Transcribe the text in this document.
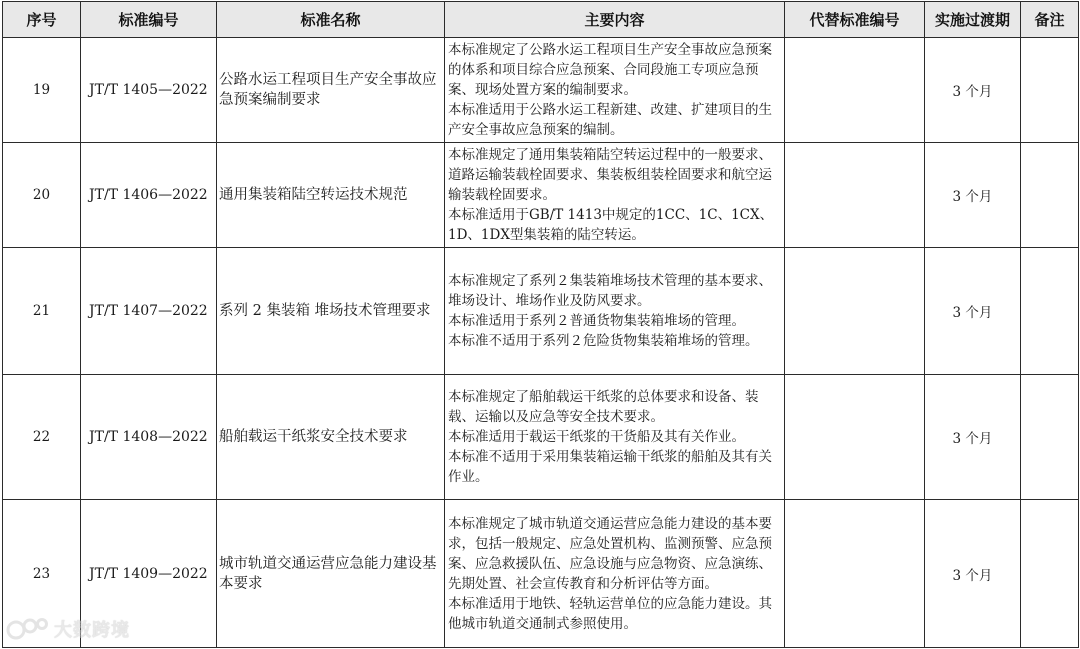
序号	标准编号	标准名称	主要内容	代替标准编号	实施过渡期	备注
19	JT/T 1405—2022	公路水运工程项目生产安全事故应急预案编制要求	本标准规定了公路水运工程项目生产安全事故应急预案的体系和项目综合应急预案、合同段施工专项应急预案、现场处置方案的编制要求。

本标准适用于公路水运工程新建、改建、扩建项目的生产安全事故应急预案的编制。		3 个月	
20	JT/T 1406—2022	通用集装箱陆空转运技术规范	本标准规定了通用集装箱陆空转运过程中的一般要求、道路运输装载栓固要求、集装板组装栓固要求和航空运输装载栓固要求。

本标准适用于GB/T 1413中规定的1CC、1C、1CX、1D、1DX型集装箱的陆空转运。		3 个月	
21	JT/T 1407—2022	系列 2 集装箱 堆场技术管理要求	本标准规定了系列２集装箱堆场技术管理的基本要求、堆场设计、堆场作业及防风要求。

本标准适用于系列２普通货物集装箱堆场的管理。

本标准不适用于系列２危险货物集装箱堆场的管理。		3 个月	
22	JT/T 1408—2022	船舶载运干纸浆安全技术要求	本标准规定了船舶载运干纸浆的总体要求和设备、装载、运输以及应急等安全技术要求。

本标准适用于载运干纸浆的干货船及其有关作业。

本标准不适用于采用集装箱运输干纸浆的船舶及其有关作业。		3 个月	
23	JT/T 1409—2022	城市轨道交通运营应急能力建设基本要求	本标准规定了城市轨道交通运营应急能力建设的基本要求，包括一般规定、应急处置机构、监测预警、应急预案、应急救援队伍、应急设施与应急物资、应急演练、先期处置、社会宣传教育和分析评估等方面。

本标准适用于地铁、轻轨运营单位的应急能力建设。其他城市轨道交通制式参照使用。		3 个月	
大数跨境
